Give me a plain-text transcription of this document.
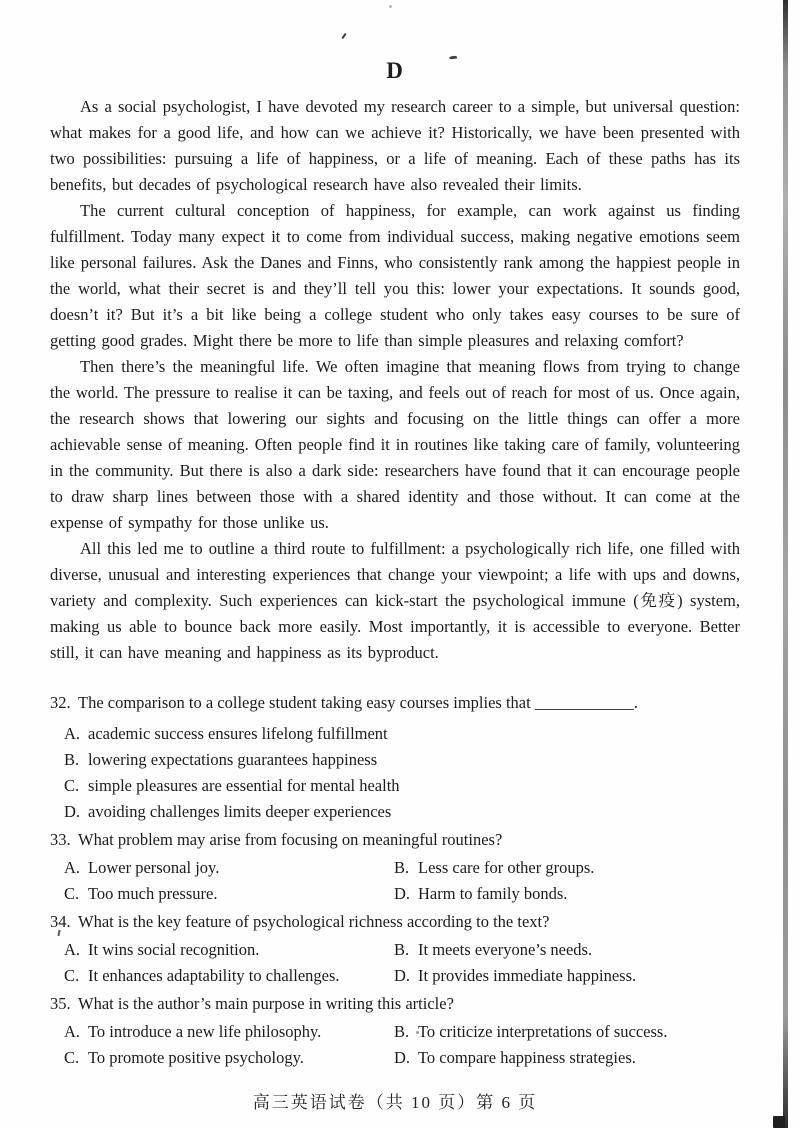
D

As a social psychologist, I have devoted my research career to a simple, but universal question: what makes for a good life, and how can we achieve it? Historically, we have been presented with two possibilities: pursuing a life of happiness, or a life of meaning. Each of these paths has its benefits, but decades of psychological research have also revealed their limits.

The current cultural conception of happiness, for example, can work against us finding fulfillment. Today many expect it to come from individual success, making negative emotions seem like personal failures. Ask the Danes and Finns, who consistently rank among the happiest people in the world, what their secret is and they’ll tell you this: lower your expectations. It sounds good, doesn’t it? But it’s a bit like being a college student who only takes easy courses to be sure of getting good grades. Might there be more to life than simple pleasures and relaxing comfort?

Then there’s the meaningful life. We often imagine that meaning flows from trying to change the world. The pressure to realise it can be taxing, and feels out of reach for most of us. Once again, the research shows that lowering our sights and focusing on the little things can offer a more achievable sense of meaning. Often people find it in routines like taking care of family, volunteering in the community. But there is also a dark side: researchers have found that it can encourage people to draw sharp lines between those with a shared identity and those without. It can come at the expense of sympathy for those unlike us.

All this led me to outline a third route to fulfillment: a psychologically rich life, one filled with diverse, unusual and interesting experiences that change your viewpoint; a life with ups and downs, variety and complexity. Such experiences can kick-start the psychological immune (免疫) system, making us able to bounce back more easily. Most importantly, it is accessible to everyone. Better still, it can have meaning and happiness as its byproduct.

32. The comparison to a college student taking easy courses implies that ____________.
A. academic success ensures lifelong fulfillment
B. lowering expectations guarantees happiness
C. simple pleasures are essential for mental health
D. avoiding challenges limits deeper experiences
33. What problem may arise from focusing on meaningful routines?
A. Lower personal joy.	B. Less care for other groups.
C. Too much pressure.	D. Harm to family bonds.
34. What is the key feature of psychological richness according to the text?
A. It wins social recognition.	B. It meets everyone’s needs.
C. It enhances adaptability to challenges.	D. It provides immediate happiness.
35. What is the author’s main purpose in writing this article?
A. To introduce a new life philosophy.	B. To criticize interpretations of success.
C. To promote positive psychology.	D. To compare happiness strategies.
高三英语试卷（共 10 页）第 6 页
